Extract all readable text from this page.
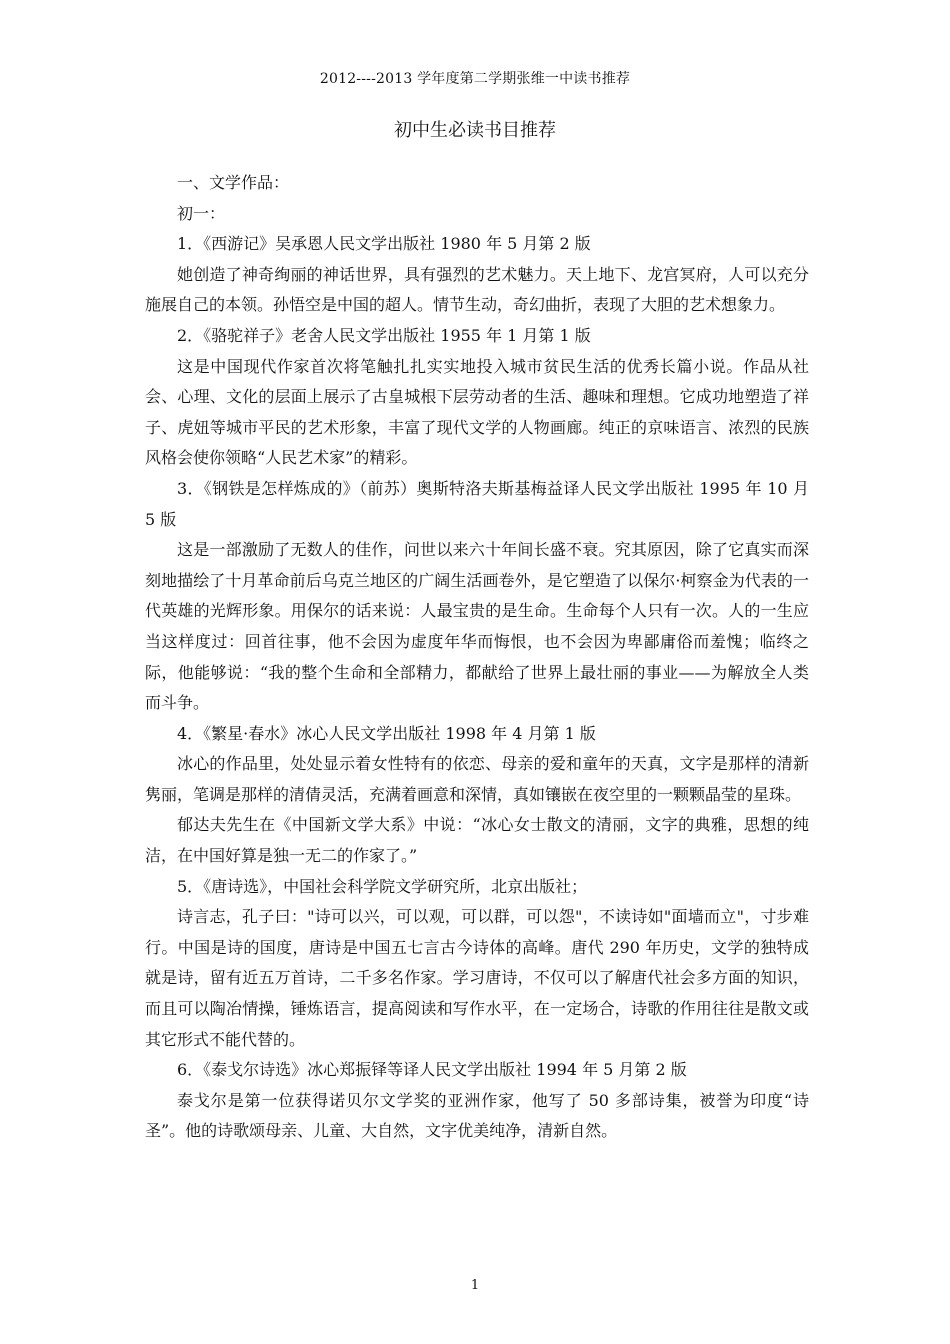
2012----2013 学年度第二学期张维一中读书推荐
初中生必读书目推荐

一、文学作品：

初一：

1．《西游记》吴承恩人民文学出版社 1980 年 5 月第 2 版

她创造了神奇绚丽的神话世界，具有强烈的艺术魅力。天上地下、龙宫冥府，人可以充分施展自己的本领。孙悟空是中国的超人。情节生动，奇幻曲折，表现了大胆的艺术想象力。

2．《骆驼祥子》老舍人民文学出版社 1955 年 1 月第 1 版

这是中国现代作家首次将笔触扎扎实实地投入城市贫民生活的优秀长篇小说。作品从社会、心理、文化的层面上展示了古皇城根下层劳动者的生活、趣味和理想。它成功地塑造了祥子、虎妞等城市平民的艺术形象，丰富了现代文学的人物画廊。纯正的京味语言、浓烈的民族风格会使你领略“人民艺术家”的精彩。

3．《钢铁是怎样炼成的》（前苏）奥斯特洛夫斯基梅益译人民文学出版社 1995 年 10 月 5 版

这是一部激励了无数人的佳作，问世以来六十年间长盛不衰。究其原因，除了它真实而深刻地描绘了十月革命前后乌克兰地区的广阔生活画卷外，是它塑造了以保尔·柯察金为代表的一代英雄的光辉形象。用保尔的话来说：人最宝贵的是生命。生命每个人只有一次。人的一生应当这样度过：回首往事，他不会因为虚度年华而悔恨，也不会因为卑鄙庸俗而羞愧；临终之际，他能够说：“我的整个生命和全部精力，都献给了世界上最壮丽的事业——为解放全人类而斗争。

4．《繁星·春水》冰心人民文学出版社 1998 年 4 月第 1 版

冰心的作品里，处处显示着女性特有的依恋、母亲的爱和童年的天真，文字是那样的清新隽丽，笔调是那样的清倩灵活，充满着画意和深情，真如镶嵌在夜空里的一颗颗晶莹的星珠。

郁达夫先生在《中国新文学大系》中说：“冰心女士散文的清丽，文字的典雅，思想的纯洁，在中国好算是独一无二的作家了。”

5．《唐诗选》，中国社会科学院文学研究所，北京出版社；

诗言志，孔子曰："诗可以兴，可以观，可以群，可以怨"，不读诗如"面墙而立"，寸步难行。中国是诗的国度，唐诗是中国五七言古今诗体的高峰。唐代 290 年历史，文学的独特成就是诗，留有近五万首诗，二千多名作家。学习唐诗，不仅可以了解唐代社会多方面的知识，而且可以陶冶情操，锤炼语言，提高阅读和写作水平，在一定场合，诗歌的作用往往是散文或其它形式不能代替的。

6．《泰戈尔诗选》冰心郑振铎等译人民文学出版社 1994 年 5 月第 2 版

泰戈尔是第一位获得诺贝尔文学奖的亚洲作家，他写了 50 多部诗集，被誉为印度“诗圣”。他的诗歌颂母亲、儿童、大自然，文字优美纯净，清新自然。

1
